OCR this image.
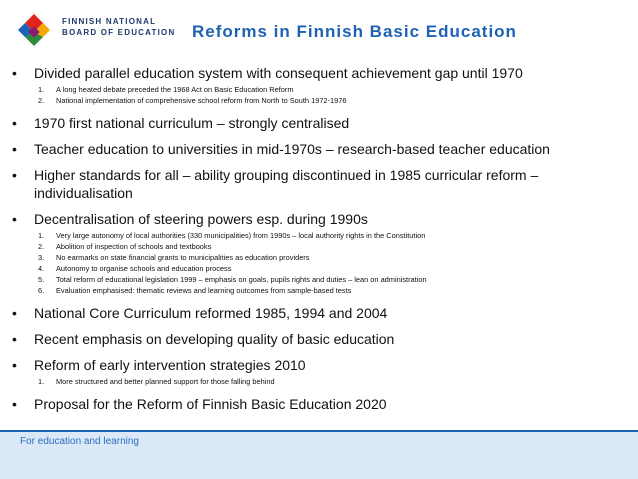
FINNISH NATIONAL
BOARD OF EDUCATION Reforms in Finnish Basic Education
• Divided parallel education system with consequent achievement gap until 1970
1. A long heated debate preceded the 1968 Act on Basic Education Reform
2. National implementation of comprehensive school reform from North to South 1972-1976
• 1970 first national curriculum – strongly centralised
• Teacher education to universities in mid-1970s – research-based teacher education
• Higher standards for all – ability grouping discontinued in 1985 curricular reform – individualisation
• Decentralisation of steering powers esp. during 1990s
1. Very large autonomy of local authorities (330 municipalities) from 1990s – local authority rights in the Constitution
2. Abolition of inspection of schools and textbooks
3. No earmarks on state financial grants to municipalities as education providers
4. Autonomy to organise schools and education process
5. Total reform of educational legislation 1999 – emphasis on goals, pupils rights and duties – lean on administration
6. Evaluation emphasised: thematic reviews and learning outcomes from sample-based tests
• National Core Curriculum reformed 1985, 1994 and 2004
• Recent emphasis on developing quality of basic education
• Reform of early intervention strategies 2010
1. More structured and better planned support for those falling behind
• Proposal for the Reform of Finnish Basic Education 2020
For education and learning
